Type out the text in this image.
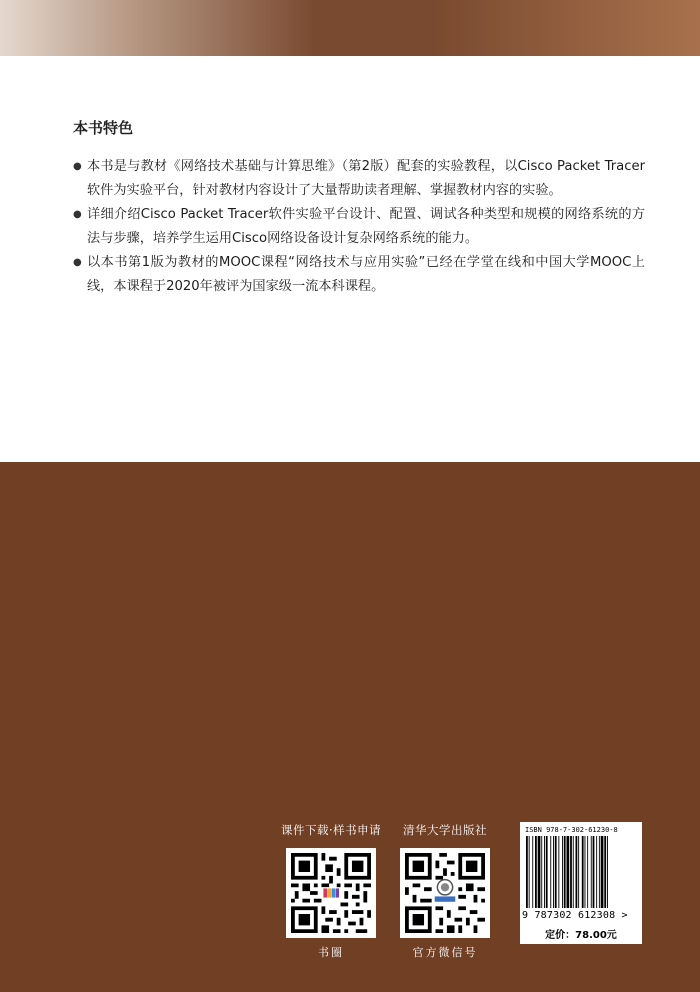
本书特色
● 本书是与教材《网络技术基础与计算思维》（第2版）配套的实验教程，以Cisco Packet Tracer软件为实验平台，针对教材内容设计了大量帮助读者理解、掌握教材内容的实验。
● 详细介绍Cisco Packet Tracer软件实验平台设计、配置、调试各种类型和规模的网络系统的方法与步骤，培养学生运用Cisco网络设备设计复杂网络系统的能力。
● 以本书第1版为教材的MOOC课程“网络技术与应用实验”已经在学堂在线和中国大学MOOC上线，本课程于2020年被评为国家级一流本科课程。
课件下载·样书申请
书圈
清华大学出版社
官方微信号
ISBN 978-7-302-61230-8
9 787302 612308 >
定价：78.00元
